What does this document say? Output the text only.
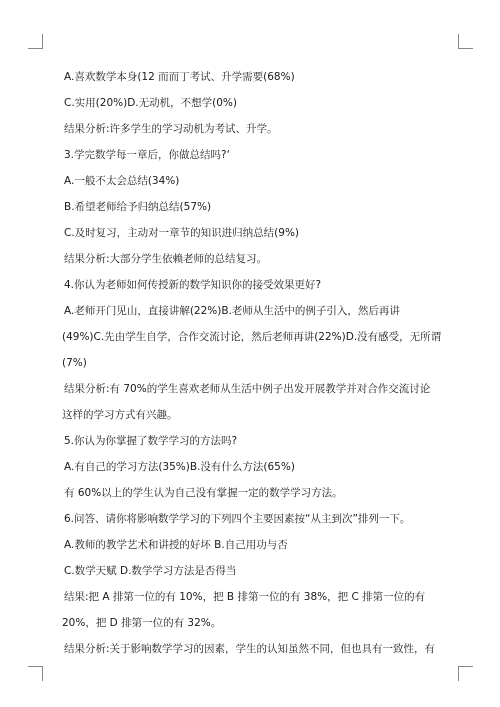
A.喜欢数学本身(12 而而丁考试、升学需要(68%)
C.实用(20%)D.无动机，不想学(0%)
结果分析:许多学生的学习动机为考试、升学。
3.学完数学每一章后，你做总结吗?‘
A.一般不太会总结(34%)
B.希望老师给予归纳总结(57%)
C.及时复习，主动对一章节的知识进归纳总结(9%)
结果分析:大部分学生依赖老师的总结复习。
4.你认为老师如何传授新的数学知识你的接受效果更好?
A.老师开门见山，直接讲解(22%)B.老师从生活中的例子引入，然后再讲
(49%)C.先由学生自学，合作交流讨论，然后老师再讲(22%)D.没有感受，无所谓
(7%)
结果分析:有 70%的学生喜欢老师从生活中例子出发开展教学并对合作交流讨论
这样的学习方式有兴趣。
5.你认为你掌握了数学学习的方法吗?
A.有自己的学习方法(35%)B.没有什么方法(65%)
有 60%以上的学生认为自己没有掌握一定的数学学习方法。
6.问答、请你将影响数学学习的下列四个主要因素按“从主到次”排列一下。
A.教师的教学艺术和讲授的好坏 B.自己用功与否
C.数学天赋 D.数学学习方法是否得当
结果:把 A 排第一位的有 10%，把 B 排第一位的有 38%，把 C 排第一位的有
20%，把 D 排第一位的有 32%。
结果分析:关于影响数学学习的因素，学生的认知虽然不同，但也具有一致性，有
